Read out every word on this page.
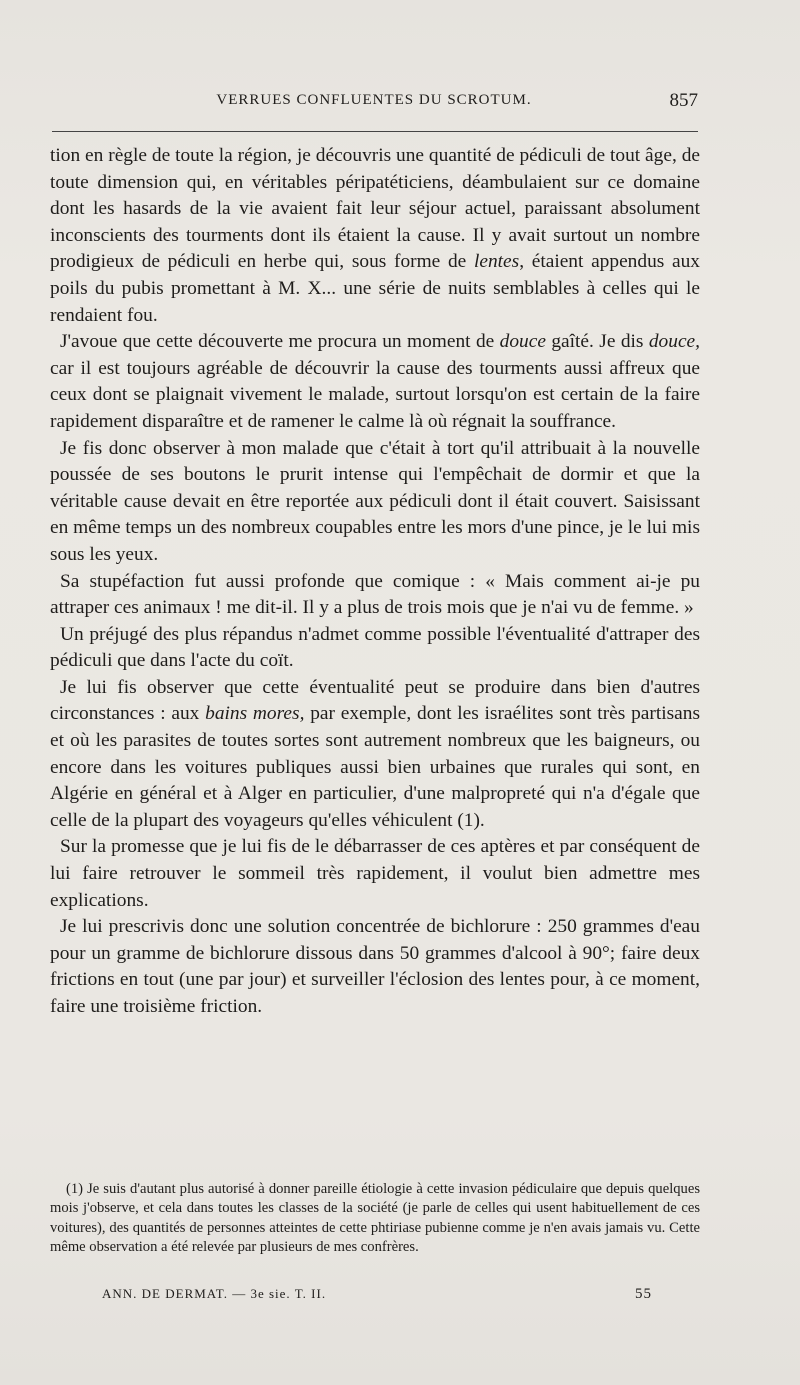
VERRUES CONFLUENTES DU SCROTUM.	857

tion en règle de toute la région, je découvris une quantité de pédiculi de tout âge, de toute dimension qui, en véritables péripatéticiens, déambulaient sur ce domaine dont les hasards de la vie avaient fait leur séjour actuel, paraissant absolument inconscients des tourments dont ils étaient la cause. Il y avait surtout un nombre prodigieux de pédiculi en herbe qui, sous forme de lentes, étaient appendus aux poils du pubis promettant à M. X... une série de nuits semblables à celles qui le rendaient fou.

J'avoue que cette découverte me procura un moment de douce gaîté. Je dis douce, car il est toujours agréable de découvrir la cause des tourments aussi affreux que ceux dont se plaignait vivement le malade, surtout lorsqu'on est certain de la faire rapidement disparaître et de ramener le calme là où régnait la souffrance.

Je fis donc observer à mon malade que c'était à tort qu'il attribuait à la nouvelle poussée de ses boutons le prurit intense qui l'empêchait de dormir et que la véritable cause devait en être reportée aux pédiculi dont il était couvert. Saisissant en même temps un des nombreux coupables entre les mors d'une pince, je le lui mis sous les yeux.

Sa stupéfaction fut aussi profonde que comique : « Mais comment ai-je pu attraper ces animaux ! me dit-il. Il y a plus de trois mois que je n'ai vu de femme. »

Un préjugé des plus répandus n'admet comme possible l'éventualité d'attraper des pédiculi que dans l'acte du coït.

Je lui fis observer que cette éventualité peut se produire dans bien d'autres circonstances : aux bains mores, par exemple, dont les israélites sont très partisans et où les parasites de toutes sortes sont autrement nombreux que les baigneurs, ou encore dans les voitures publiques aussi bien urbaines que rurales qui sont, en Algérie en général et à Alger en particulier, d'une malpropreté qui n'a d'égale que celle de la plupart des voyageurs qu'elles véhiculent (1).

Sur la promesse que je lui fis de le débarrasser de ces aptères et par conséquent de lui faire retrouver le sommeil très rapidement, il voulut bien admettre mes explications.

Je lui prescrivis donc une solution concentrée de bichlorure : 250 grammes d'eau pour un gramme de bichlorure dissous dans 50 grammes d'alcool à 90°; faire deux frictions en tout (une par jour) et surveiller l'éclosion des lentes pour, à ce moment, faire une troisième friction.

(1) Je suis d'autant plus autorisé à donner pareille étiologie à cette invasion pédiculaire que depuis quelques mois j'observe, et cela dans toutes les classes de la société (je parle de celles qui usent habituellement de ces voitures), des quantités de personnes atteintes de cette phtiriase pubienne comme je n'en avais jamais vu. Cette même observation a été relevée par plusieurs de mes confrères.

ANN. DE DERMAT. — 3e sie. T. II.	55
